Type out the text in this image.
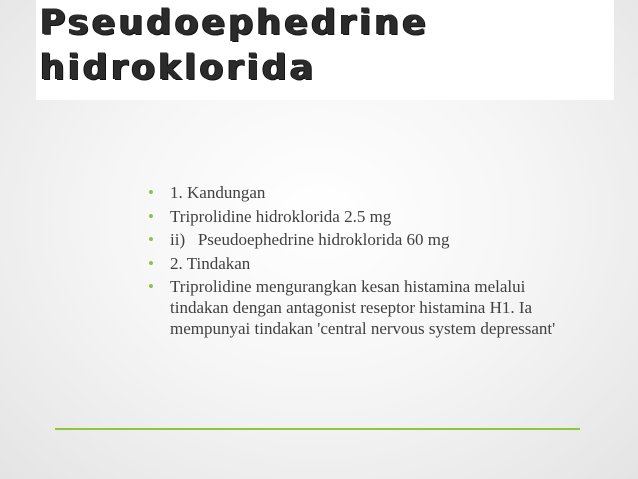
Pseudoephedrine
hidroklorida
• 1. Kandungan
• Triprolidine hidroklorida 2.5 mg
• ii)   Pseudoephedrine hidroklorida 60 mg
• 2. Tindakan
• Triprolidine mengurangkan kesan histamina melalui tindakan dengan antagonist reseptor histamina H1. Ia mempunyai tindakan 'central nervous system depressant'
